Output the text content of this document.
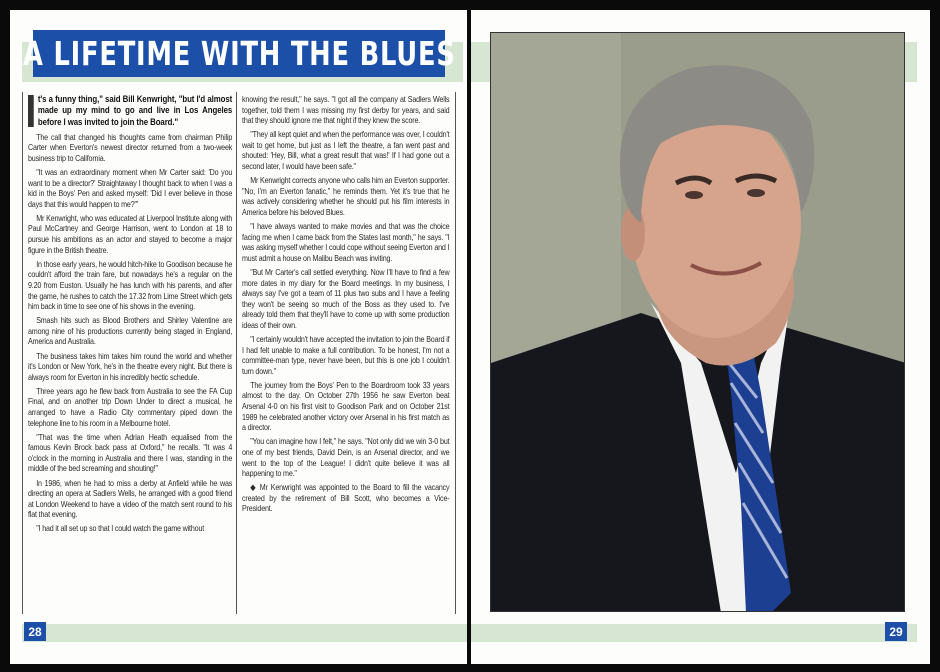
A LIFETIME WITH THE BLUES

t's a funny thing," said Bill Kenwright, "but I'd almost made up my mind to go and live in Los Angeles before I was invited to join the Board."

The call that changed his thoughts came from chairman Philip Carter when Everton's newest director returned from a two-week business trip to California.

"It was an extraordinary moment when Mr Carter said: 'Do you want to be a director?' Straightaway I thought back to when I was a kid in the Boys' Pen and asked myself: 'Did I ever believe in those days that this would happen to me?'"

Mr Kenwright, who was educated at Liverpool Institute along with Paul McCartney and George Harrison, went to London at 18 to pursue his ambitions as an actor and stayed to become a major figure in the British theatre.

In those early years, he would hitch-hike to Goodison because he couldn't afford the train fare, but nowadays he's a regular on the 9.20 from Euston. Usually he has lunch with his parents, and after the game, he rushes to catch the 17.32 from Lime Street which gets him back in time to see one of his shows in the evening.

Smash hits such as Blood Brothers and Shirley Valentine are among nine of his productions currently being staged in England, America and Australia.

The business takes him takes him round the world and whether it's London or New York, he's in the theatre every night. But there is always room for Everton in his incredibly hectic schedule.

Three years ago he flew back from Australia to see the FA Cup Final, and on another trip Down Under to direct a musical, he arranged to have a Radio City commentary piped down the telephone line to his room in a Melbourne hotel.

"That was the time when Adrian Heath equalised from the famous Kevin Brock back pass at Oxford," he recalls. "It was 4 o'clock in the morning in Australia and there I was, standing in the middle of the bed screaming and shouting!"

In 1986, when he had to miss a derby at Anfield while he was directing an opera at Sadlers Wells, he arranged with a good friend at London Weekend to have a video of the match sent round to his flat that evening.

"I had it all set up so that I could watch the game without

knowing the result," he says. "I got all the company at Sadlers Wells together, told them I was missing my first derby for years, and said that they should ignore me that night if they knew the score.

"They all kept quiet and when the performance was over, I couldn't wait to get home, but just as I left the theatre, a fan went past and shouted: 'Hey, Bill, what a great result that was!' If I had gone out a second later, I would have been safe."

Mr Kenwright corrects anyone who calls him an Everton supporter. "No, I'm an Everton fanatic," he reminds them. Yet it's true that he was actively considering whether he should put his film interests in America before his beloved Blues.

"I have always wanted to make movies and that was the choice facing me when I came back from the States last month," he says. "I was asking myself whether I could cope without seeing Everton and I must admit a house on Malibu Beach was inviting.

"But Mr Carter's call settled everything. Now I'll have to find a few more dates in my diary for the Board meetings. In my business, I always say I've got a team of 11 plus two subs and I have a feeling they won't be seeing so much of the Boss as they used to. I've already told them that they'll have to come up with some production ideas of their own.

"I certainly wouldn't have accepted the invitation to join the Board if I had felt unable to make a full contribution. To be honest, I'm not a committee-man type, never have been, but this is one job I couldn't turn down."

The journey from the Boys' Pen to the Boardroom took 33 years almost to the day. On October 27th 1956 he saw Everton beat Arsenal 4-0 on his first visit to Goodison Park and on October 21st 1989 he celebrated another victory over Arsenal in his first match as a director.

"You can imagine how I felt," he says. "Not only did we win 3-0 but one of my best friends, David Dein, is an Arsenal director, and we went to the top of the League! I didn't quite believe it was all happening to me."

◆ Mr Kenwright was appointed to the Board to fill the vacancy created by the retirement of Bill Scott, who becomes a Vice-President.

28	29
